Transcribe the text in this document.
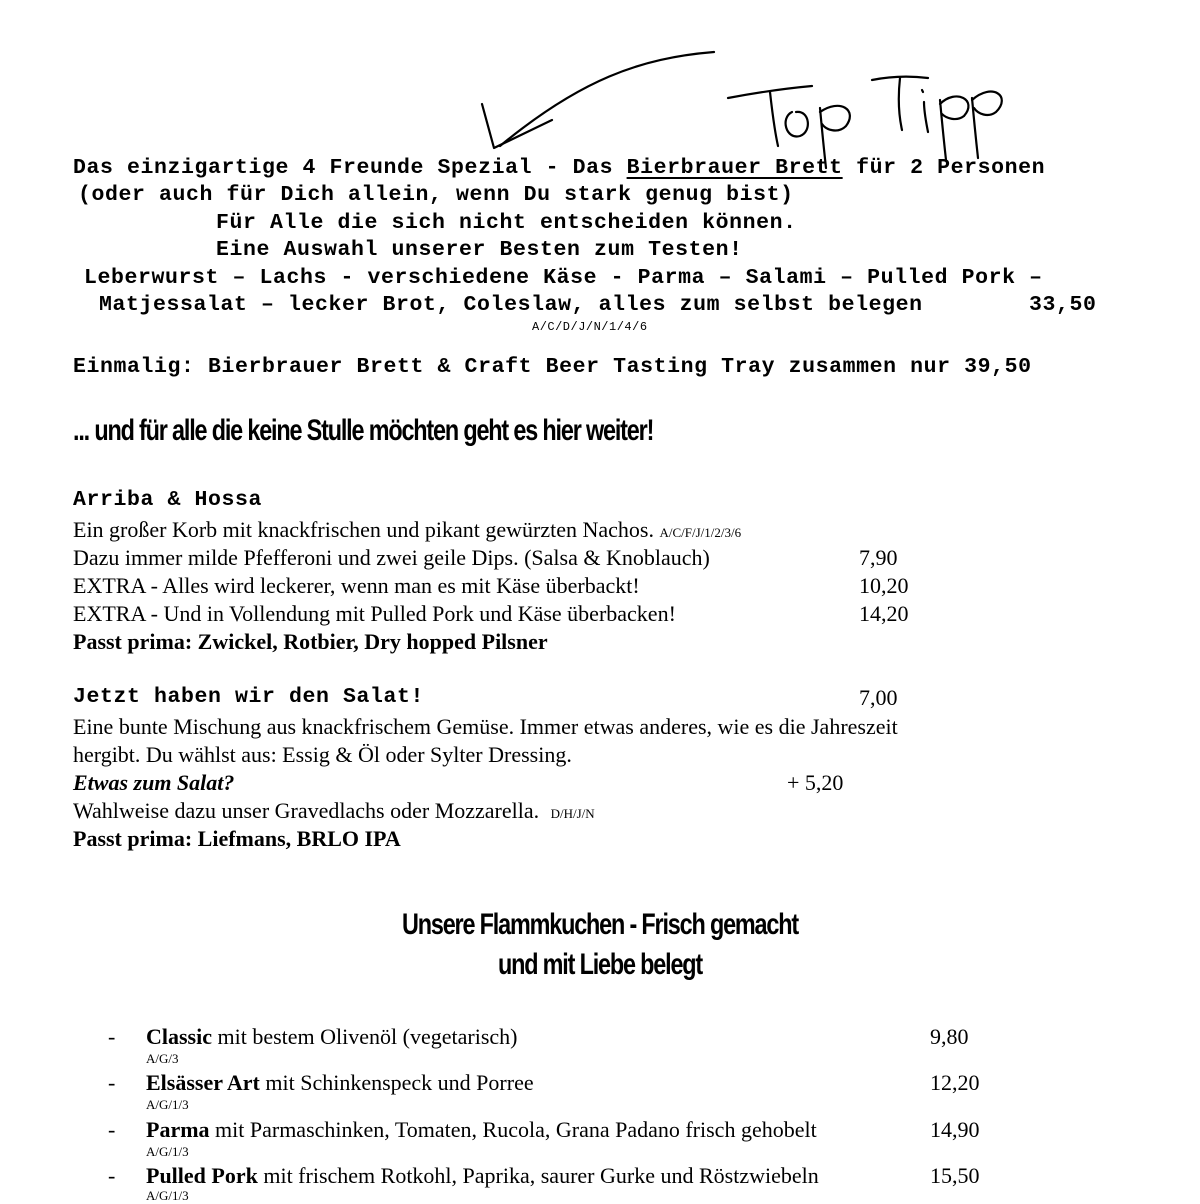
Das einzigartige 4 Freunde Spezial - Das Bierbrauer Brett für 2 Personen
(oder auch für Dich allein, wenn Du stark genug bist)
Für Alle die sich nicht entscheiden können.
Eine Auswahl unserer Besten zum Testen!
Leberwurst – Lachs - verschiedene Käse - Parma – Salami – Pulled Pork –
Matjessalat – lecker Brot, Coleslaw, alles zum selbst belegen	33,50
A/C/D/J/N/1/4/6
Einmalig: Bierbrauer Brett & Craft Beer Tasting Tray zusammen nur 39,50
... und für alle die keine Stulle möchten geht es hier weiter!
Arriba & Hossa
Ein großer Korb mit knackfrischen und pikant gewürzten Nachos. A/C/F/J/1/2/3/6
Dazu immer milde Pfefferoni und zwei geile Dips. (Salsa & Knoblauch)	7,90
EXTRA - Alles wird leckerer, wenn man es mit Käse überbackt!	10,20
EXTRA - Und in Vollendung mit Pulled Pork und Käse überbacken!	14,20
Passt prima: Zwickel, Rotbier, Dry hopped Pilsner
Jetzt haben wir den Salat!	7,00
Eine bunte Mischung aus knackfrischem Gemüse. Immer etwas anderes, wie es die Jahreszeit
hergibt. Du wählst aus: Essig & Öl oder Sylter Dressing.
Etwas zum Salat?	+ 5,20
Wahlweise dazu unser Gravedlachs oder Mozzarella. D/H/J/N
Passt prima: Liefmans, BRLO IPA
Unsere Flammkuchen - Frisch gemacht
und mit Liebe belegt
- Classic mit bestem Olivenöl (vegetarisch)	9,80
A/G/3
- Elsässer Art mit Schinkenspeck und Porree	12,20
A/G/1/3
- Parma mit Parmaschinken, Tomaten, Rucola, Grana Padano frisch gehobelt	14,90
A/G/1/3
- Pulled Pork mit frischem Rotkohl, Paprika, saurer Gurke und Röstzwiebeln	15,50
A/G/1/3
